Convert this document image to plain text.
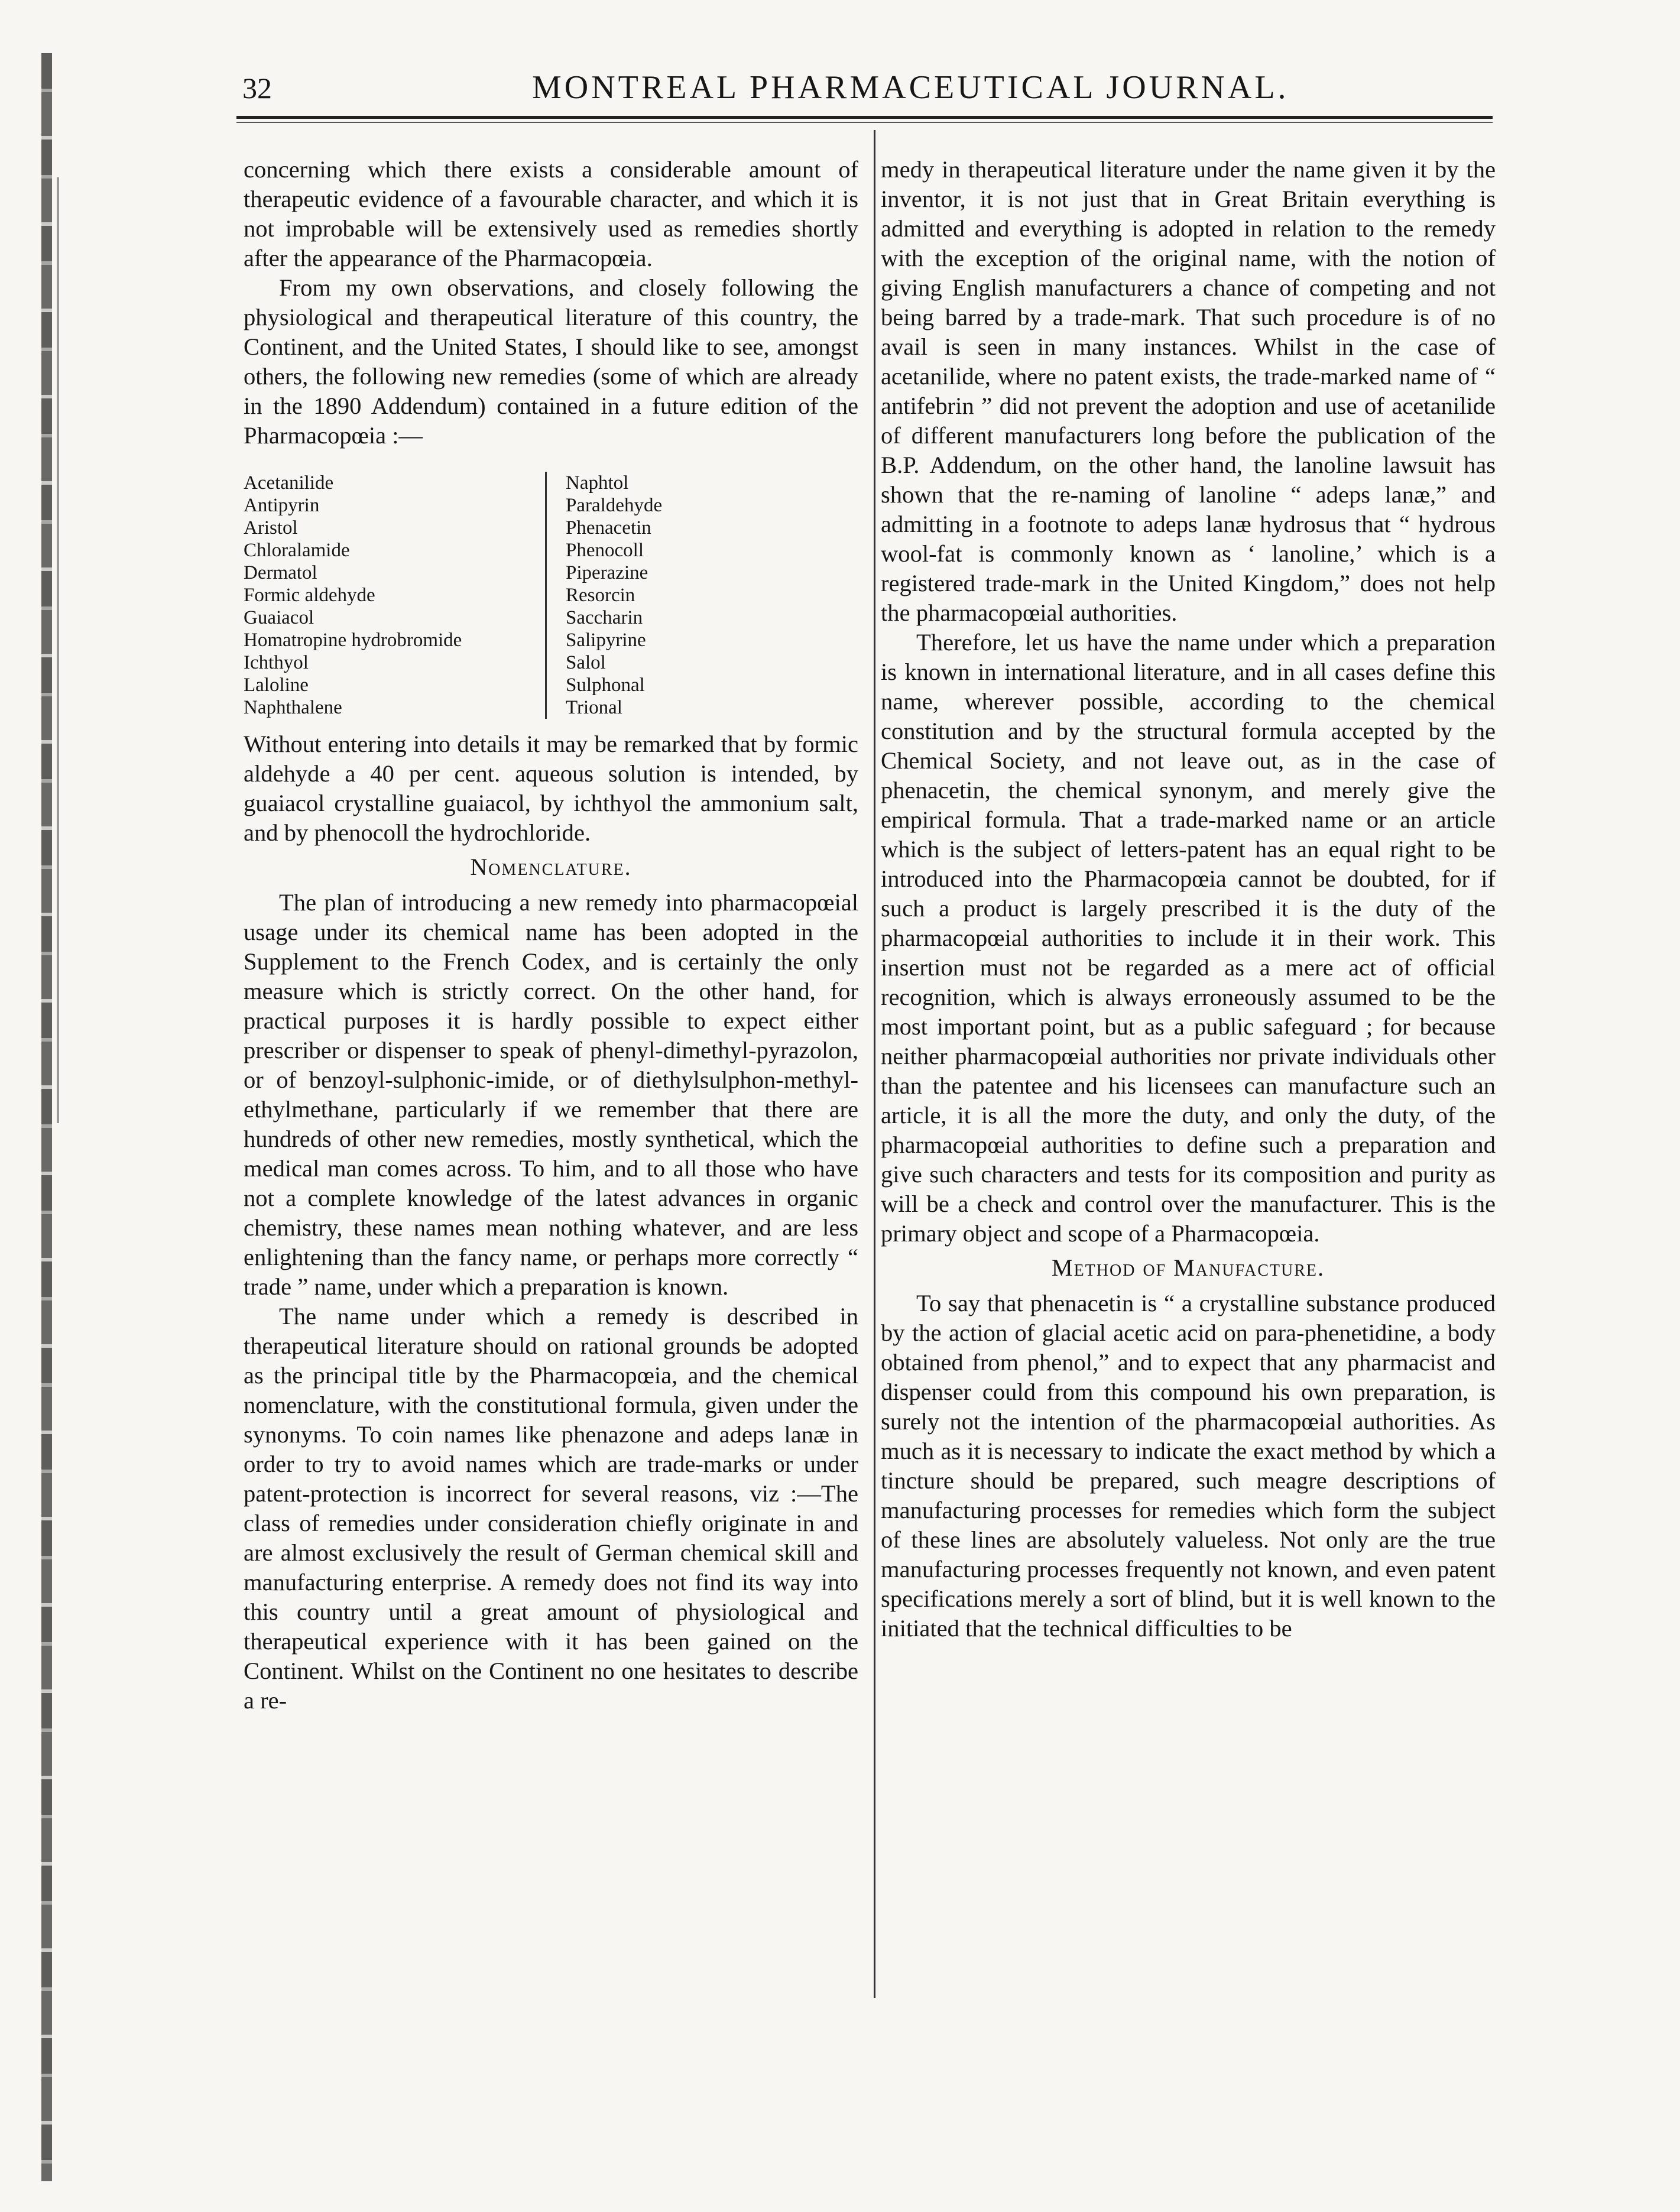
32	MONTREAL PHARMACEUTICAL JOURNAL.

concerning which there exists a considerable amount of therapeutic evidence of a favourable character, and which it is not improbable will be extensively used as remedies shortly after the appearance of the Pharmacopœia.

From my own observations, and closely following the physiological and therapeutical literature of this country, the Continent, and the United States, I should like to see, amongst others, the following new remedies (some of which are already in the 1890 Addendum) contained in a future edition of the Pharmacopœia :—

Acetanilide
Antipyrin
Aristol
Chloralamide
Dermatol
Formic aldehyde
Guaiacol
Homatropine hydrobromide
Ichthyol
Laloline
Naphthalene
Naphtol
Paraldehyde
Phenacetin
Phenocoll
Piperazine
Resorcin
Saccharin
Salipyrine
Salol
Sulphonal
Trional

Without entering into details it may be remarked that by formic aldehyde a 40 per cent. aqueous solution is intended, by guaiacol crystalline guaiacol, by ichthyol the ammonium salt, and by phenocoll the hydrochloride.

Nomenclature.

The plan of introducing a new remedy into pharmacopœial usage under its chemical name has been adopted in the Supplement to the French Codex, and is certainly the only measure which is strictly correct. On the other hand, for practical purposes it is hardly possible to expect either prescriber or dispenser to speak of phenyl-dimethyl-pyrazolon, or of benzoyl-sulphonic-imide, or of diethylsulphon-methyl-ethylmethane, particularly if we remember that there are hundreds of other new remedies, mostly synthetical, which the medical man comes across. To him, and to all those who have not a complete knowledge of the latest advances in organic chemistry, these names mean nothing whatever, and are less enlightening than the fancy name, or perhaps more correctly “ trade ” name, under which a preparation is known.

The name under which a remedy is described in therapeutical literature should on rational grounds be adopted as the principal title by the Pharmacopœia, and the chemical nomenclature, with the constitutional formula, given under the synonyms. To coin names like phenazone and adeps lanæ in order to try to avoid names which are trade-marks or under patent-protection is incorrect for several reasons, viz :—The class of remedies under consideration chiefly originate in and are almost exclusively the result of German chemical skill and manufacturing enterprise. A remedy does not find its way into this country until a great amount of physiological and therapeutical experience with it has been gained on the Continent. Whilst on the Continent no one hesitates to describe a re-

medy in therapeutical literature under the name given it by the inventor, it is not just that in Great Britain everything is admitted and everything is adopted in relation to the remedy with the exception of the original name, with the notion of giving English manufacturers a chance of competing and not being barred by a trade-mark. That such procedure is of no avail is seen in many instances. Whilst in the case of acetanilide, where no patent exists, the trade-marked name of “ antifebrin ” did not prevent the adoption and use of acetanilide of different manufacturers long before the publication of the B.P. Addendum, on the other hand, the lanoline lawsuit has shown that the re-naming of lanoline “ adeps lanæ,” and admitting in a footnote to adeps lanæ hydrosus that “ hydrous wool-fat is commonly known as ‘ lanoline,’ which is a registered trade-mark in the United Kingdom,” does not help the pharmacopœial authorities.

Therefore, let us have the name under which a preparation is known in international literature, and in all cases define this name, wherever possible, according to the chemical constitution and by the structural formula accepted by the Chemical Society, and not leave out, as in the case of phenacetin, the chemical synonym, and merely give the empirical formula. That a trade-marked name or an article which is the subject of letters-patent has an equal right to be introduced into the Pharmacopœia cannot be doubted, for if such a product is largely prescribed it is the duty of the pharmacopœial authorities to include it in their work. This insertion must not be regarded as a mere act of official recognition, which is always erroneously assumed to be the most important point, but as a public safeguard ; for because neither pharmacopœial authorities nor private individuals other than the patentee and his licensees can manufacture such an article, it is all the more the duty, and only the duty, of the pharmacopœial authorities to define such a preparation and give such characters and tests for its composition and purity as will be a check and control over the manufacturer. This is the primary object and scope of a Pharmacopœia.

Method of Manufacture.

To say that phenacetin is “ a crystalline substance produced by the action of glacial acetic acid on para-phenetidine, a body obtained from phenol,” and to expect that any pharmacist and dispenser could from this compound his own preparation, is surely not the intention of the pharmacopœial authorities. As much as it is necessary to indicate the exact method by which a tincture should be prepared, such meagre descriptions of manufacturing processes for remedies which form the subject of these lines are absolutely valueless. Not only are the true manufacturing processes frequently not known, and even patent specifications merely a sort of blind, but it is well known to the initiated that the technical difficulties to be
